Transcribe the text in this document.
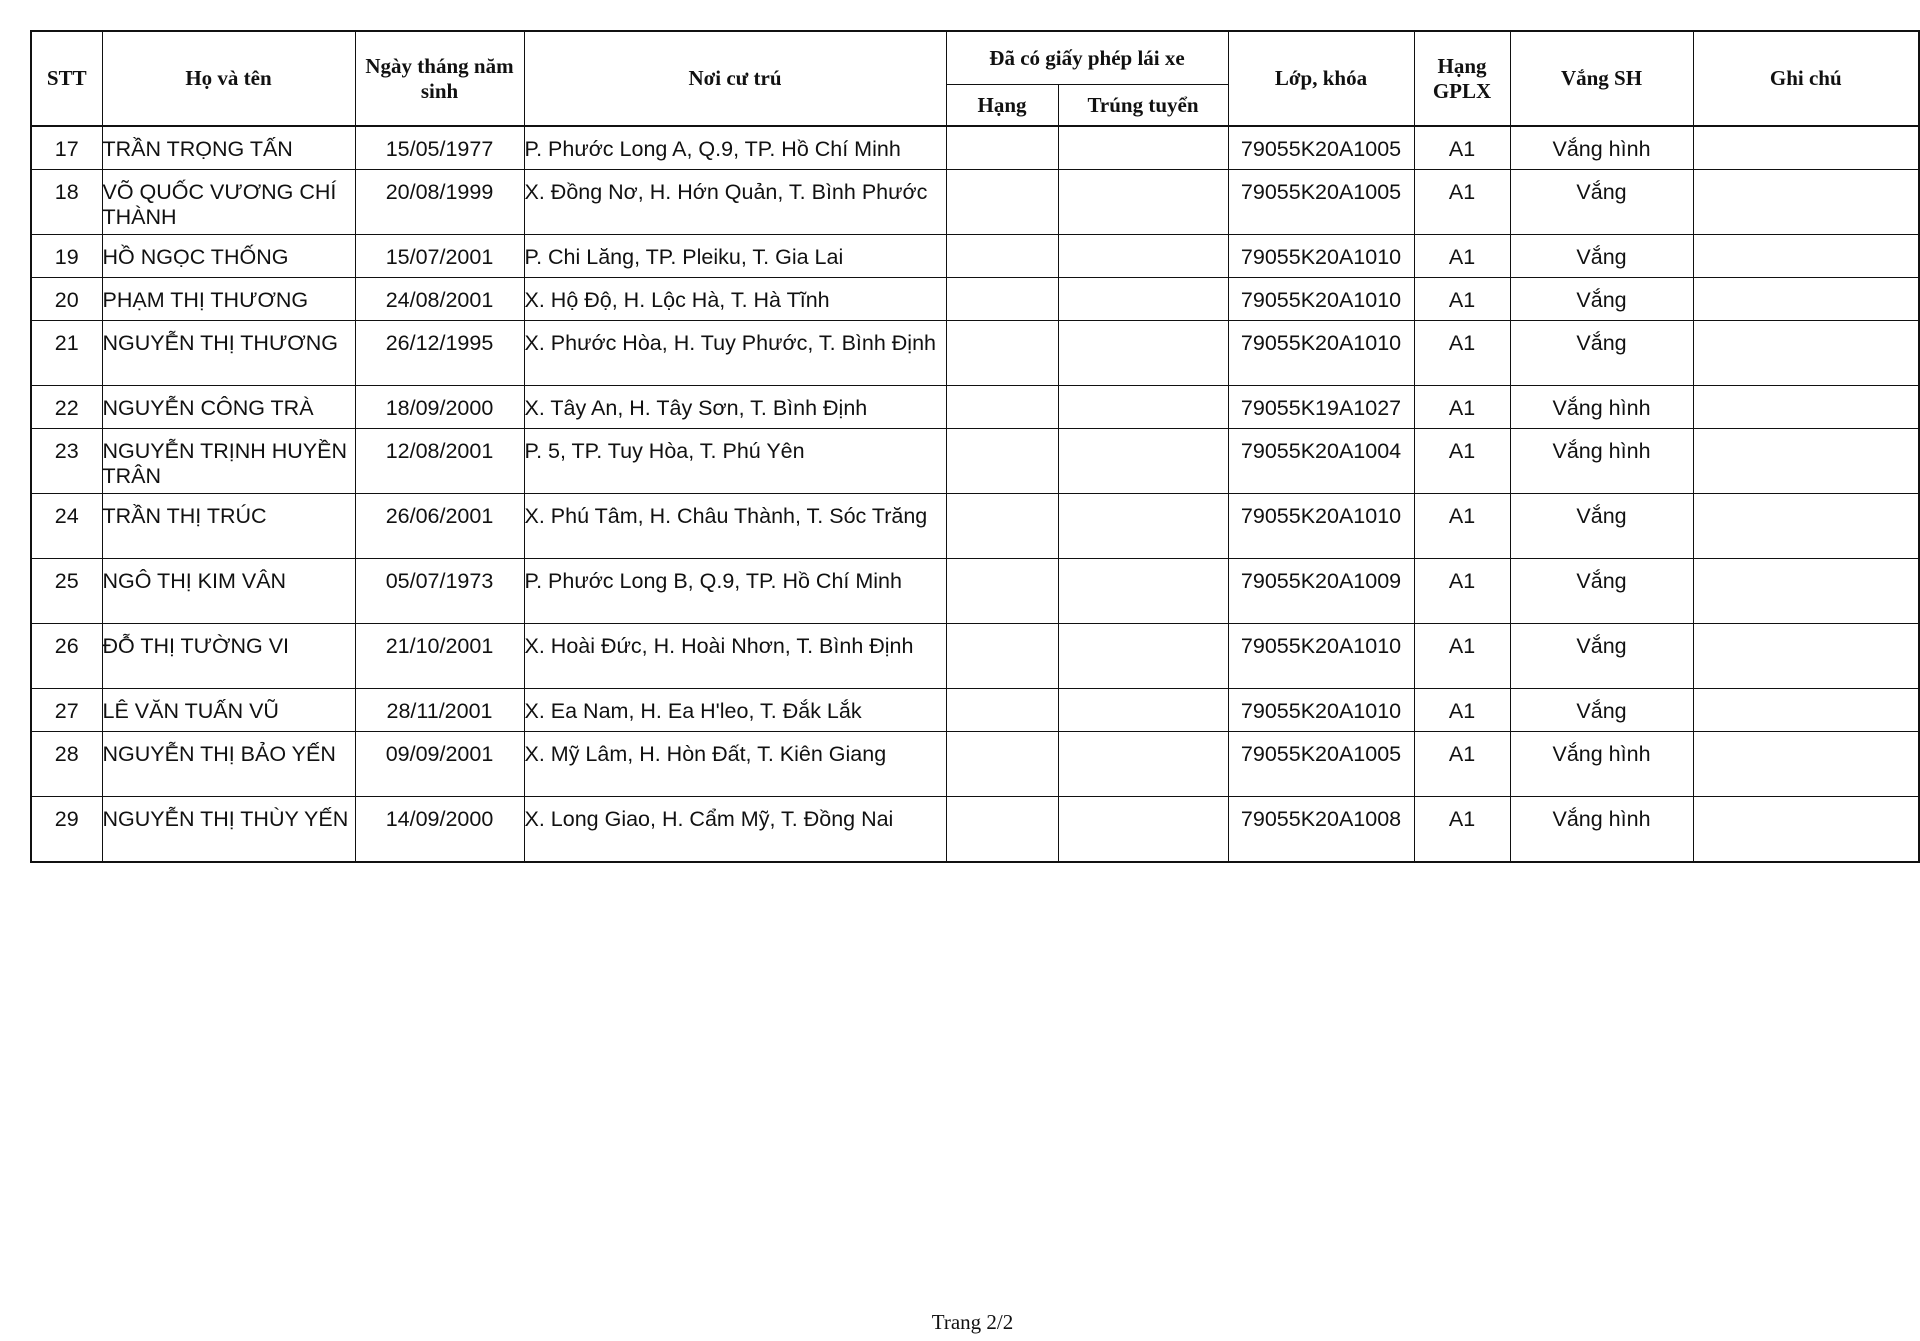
STT	Họ và tên	Ngày tháng năm sinh	Nơi cư trú	Đã có giấy phép lái xe		Lớp, khóa	Hạng GPLX	Vắng SH	Ghi chú
				Hạng	Trúng tuyển				
17	TRẦN TRỌNG TẤN	15/05/1977	P. Phước Long A, Q.9, TP. Hồ Chí Minh			79055K20A1005	A1	Vắng hình	
18	VÕ QUỐC VƯƠNG CHÍ THÀNH	20/08/1999	X. Đồng Nơ, H. Hớn Quản, T. Bình Phước			79055K20A1005	A1	Vắng	
19	HỒ NGỌC THỐNG	15/07/2001	P. Chi Lăng, TP. Pleiku, T. Gia Lai			79055K20A1010	A1	Vắng	
20	PHẠM THỊ THƯƠNG	24/08/2001	X. Hộ Độ, H. Lộc Hà, T. Hà Tĩnh			79055K20A1010	A1	Vắng	
21	NGUYỄN THỊ THƯƠNG	26/12/1995	X. Phước Hòa, H. Tuy Phước, T. Bình Định			79055K20A1010	A1	Vắng	
22	NGUYỄN CÔNG TRÀ	18/09/2000	X. Tây An, H. Tây Sơn, T. Bình Định			79055K19A1027	A1	Vắng hình	
23	NGUYỄN TRỊNH HUYỀN TRÂN	12/08/2001	P. 5, TP. Tuy Hòa, T. Phú Yên			79055K20A1004	A1	Vắng hình	
24	TRẦN THỊ TRÚC	26/06/2001	X. Phú Tâm, H. Châu Thành, T. Sóc Trăng			79055K20A1010	A1	Vắng	
25	NGÔ THỊ KIM VÂN	05/07/1973	P. Phước Long B, Q.9, TP. Hồ Chí Minh			79055K20A1009	A1	Vắng	
26	ĐỖ THỊ TƯỜNG VI	21/10/2001	X. Hoài Đức, H. Hoài Nhơn, T. Bình Định			79055K20A1010	A1	Vắng	
27	LÊ VĂN TUẤN VŨ	28/11/2001	X. Ea Nam, H. Ea H'leo, T. Đắk Lắk			79055K20A1010	A1	Vắng	
28	NGUYỄN THỊ BẢO YẾN	09/09/2001	X. Mỹ Lâm, H. Hòn Đất, T. Kiên Giang			79055K20A1005	A1	Vắng hình	
29	NGUYỄN THỊ THÙY YẾN	14/09/2000	X. Long Giao, H. Cẩm Mỹ, T. Đồng Nai			79055K20A1008	A1	Vắng hình	
Trang 2/2
